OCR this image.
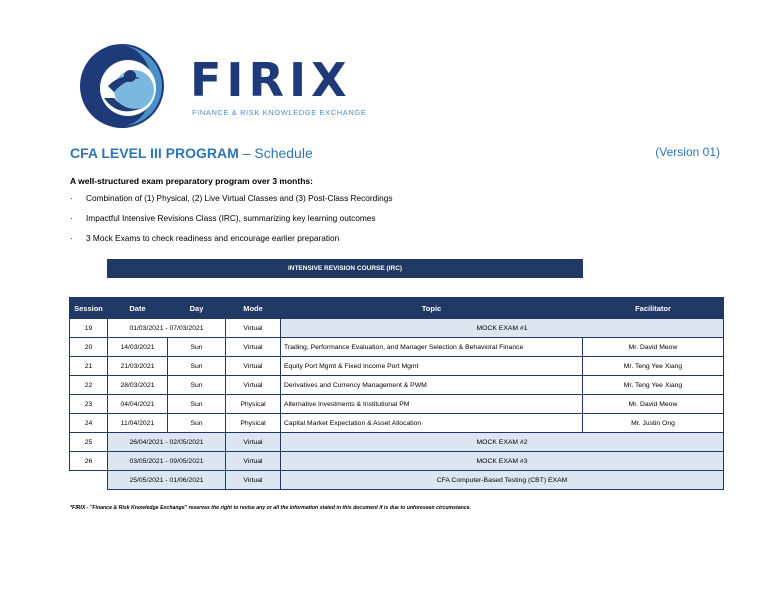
FIRIX
FINANCE & RISK KNOWLEDGE EXCHANGE
CFA LEVEL III PROGRAM – Schedule	(Version 01)
A well-structured exam preparatory program over 3 months:
· Combination of (1) Physical, (2) Live Virtual Classes and (3) Post-Class Recordings
· Impactful Intensive Revisions Class (IRC), summarizing key learning outcomes
· 3 Mock Exams to check readiness and encourage earlier preparation
INTENSIVE REVISION COURSE (IRC)
Session	Date	Day	Mode	Topic	Facilitator
19	01/03/2021 - 07/03/2021		Virtual	MOCK EXAM #1	
20	14/03/2021	Sun	Virtual	Trading, Performance Evaluation, and Manager Selection & Behavioral Finance	Mr. David Meow
21	21/03/2021	Sun	Virtual	Equity Port Mgmt & Fixed Income Port Mgmt	Mr. Teng Yee Xiang
22	28/03/2021	Sun	Virtual	Derivatives and Currency Management & PWM	Mr. Teng Yee Xiang
23	04/04/2021	Sun	Physical	Alternative Investments & Institutional PM	Mr. David Meow
24	11/04/2021	Sun	Physical	Capital Market Expectation & Asset Allocation	Mr. Justin Ong
25	26/04/2021 - 02/05/2021		Virtual	MOCK EXAM #2	
26	03/05/2021 - 09/05/2021		Virtual	MOCK EXAM #3	
	25/05/2021 - 01/06/2021		Virtual	CFA Computer-Based Testing (CBT) EXAM	
*FIRIX - "Finance & Risk Knowledge Exchange" reserves the right to revise any or all the information stated in this document if is due to unforeseen circumstance.
